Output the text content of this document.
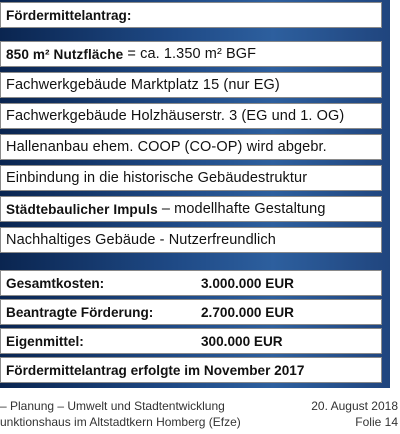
Fördermittelantrag:
850 m² Nutzfläche = ca. 1.350 m² BGF
Fachwerkgebäude Marktplatz 15 (nur EG)
Fachwerkgebäude Holzhäuserstr. 3 (EG und 1. OG)
Hallenanbau ehem. COOP (CO-OP) wird abgebr.
Einbindung in die historische Gebäudestruktur
Städtebaulicher Impuls – modellhafte Gestaltung
Nachhaltiges Gebäude - Nutzerfreundlich
Gesamtkosten:	3.000.000 EUR
Beantragte Förderung:	2.700.000 EUR
Eigenmittel:	300.000 EUR
Fördermittelantrag erfolgte im November 2017
– Planung – Umwelt und Stadtentwicklung
unktionshaus im Altstadtkern Homberg (Efze)
20. August 2018
Folie 14
